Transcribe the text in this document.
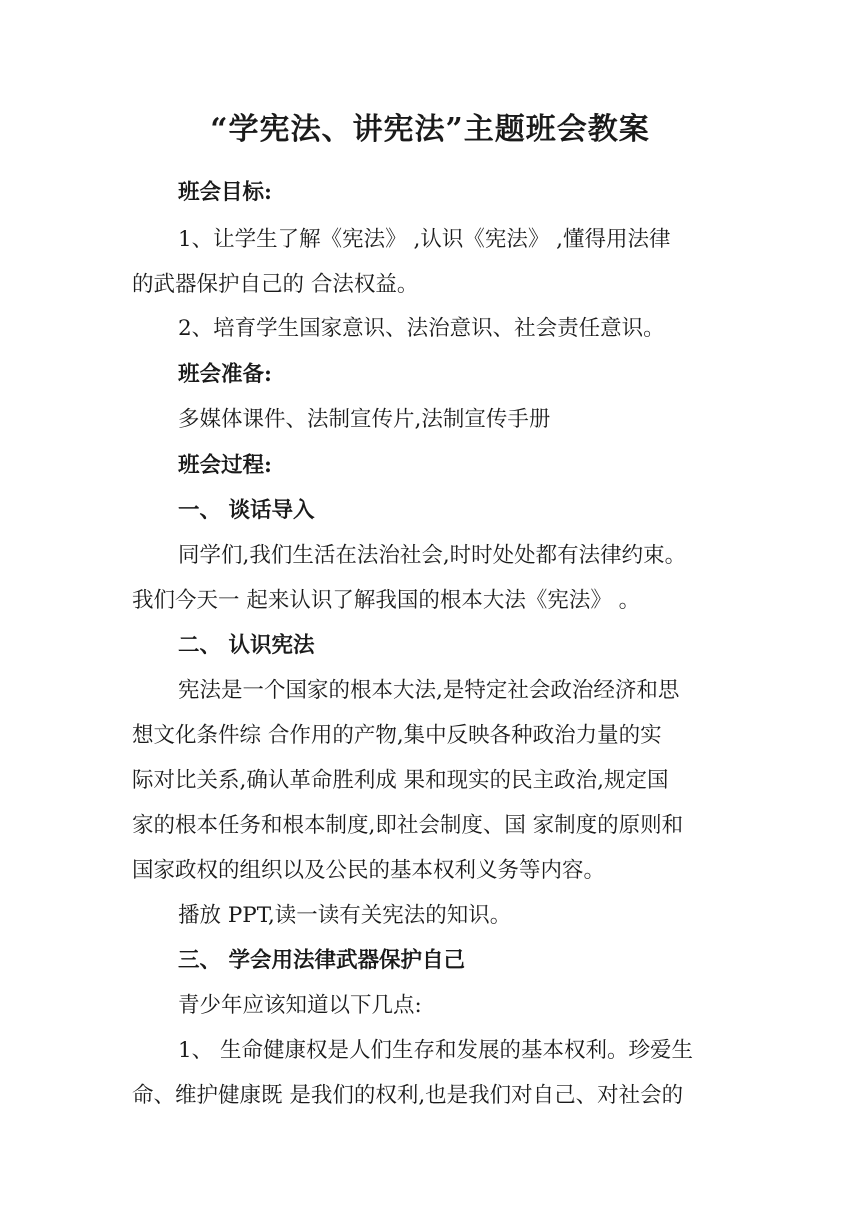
“学宪法、讲宪法”主题班会教案
班会目标:
1、让学生了解《宪法》 ,认识《宪法》 ,懂得用法律
的武器保护自己的 合法权益。
2、培育学生国家意识、法治意识、社会责任意识。
班会准备:
多媒体课件、法制宣传片,法制宣传手册
班会过程:
一、 谈话导入
同学们,我们生活在法治社会,时时处处都有法律约束。
我们今天一 起来认识了解我国的根本大法《宪法》 。
二、 认识宪法
宪法是一个国家的根本大法,是特定社会政治经济和思
想文化条件综 合作用的产物,集中反映各种政治力量的实
际对比关系,确认革命胜利成 果和现实的民主政治,规定国
家的根本任务和根本制度,即社会制度、国 家制度的原则和
国家政权的组织以及公民的基本权利义务等内容。
播放 PPT,读一读有关宪法的知识。
三、 学会用法律武器保护自己
青少年应该知道以下几点:
1、 生命健康权是人们生存和发展的基本权利。珍爱生
命、维护健康既 是我们的权利,也是我们对自己、对社会的
